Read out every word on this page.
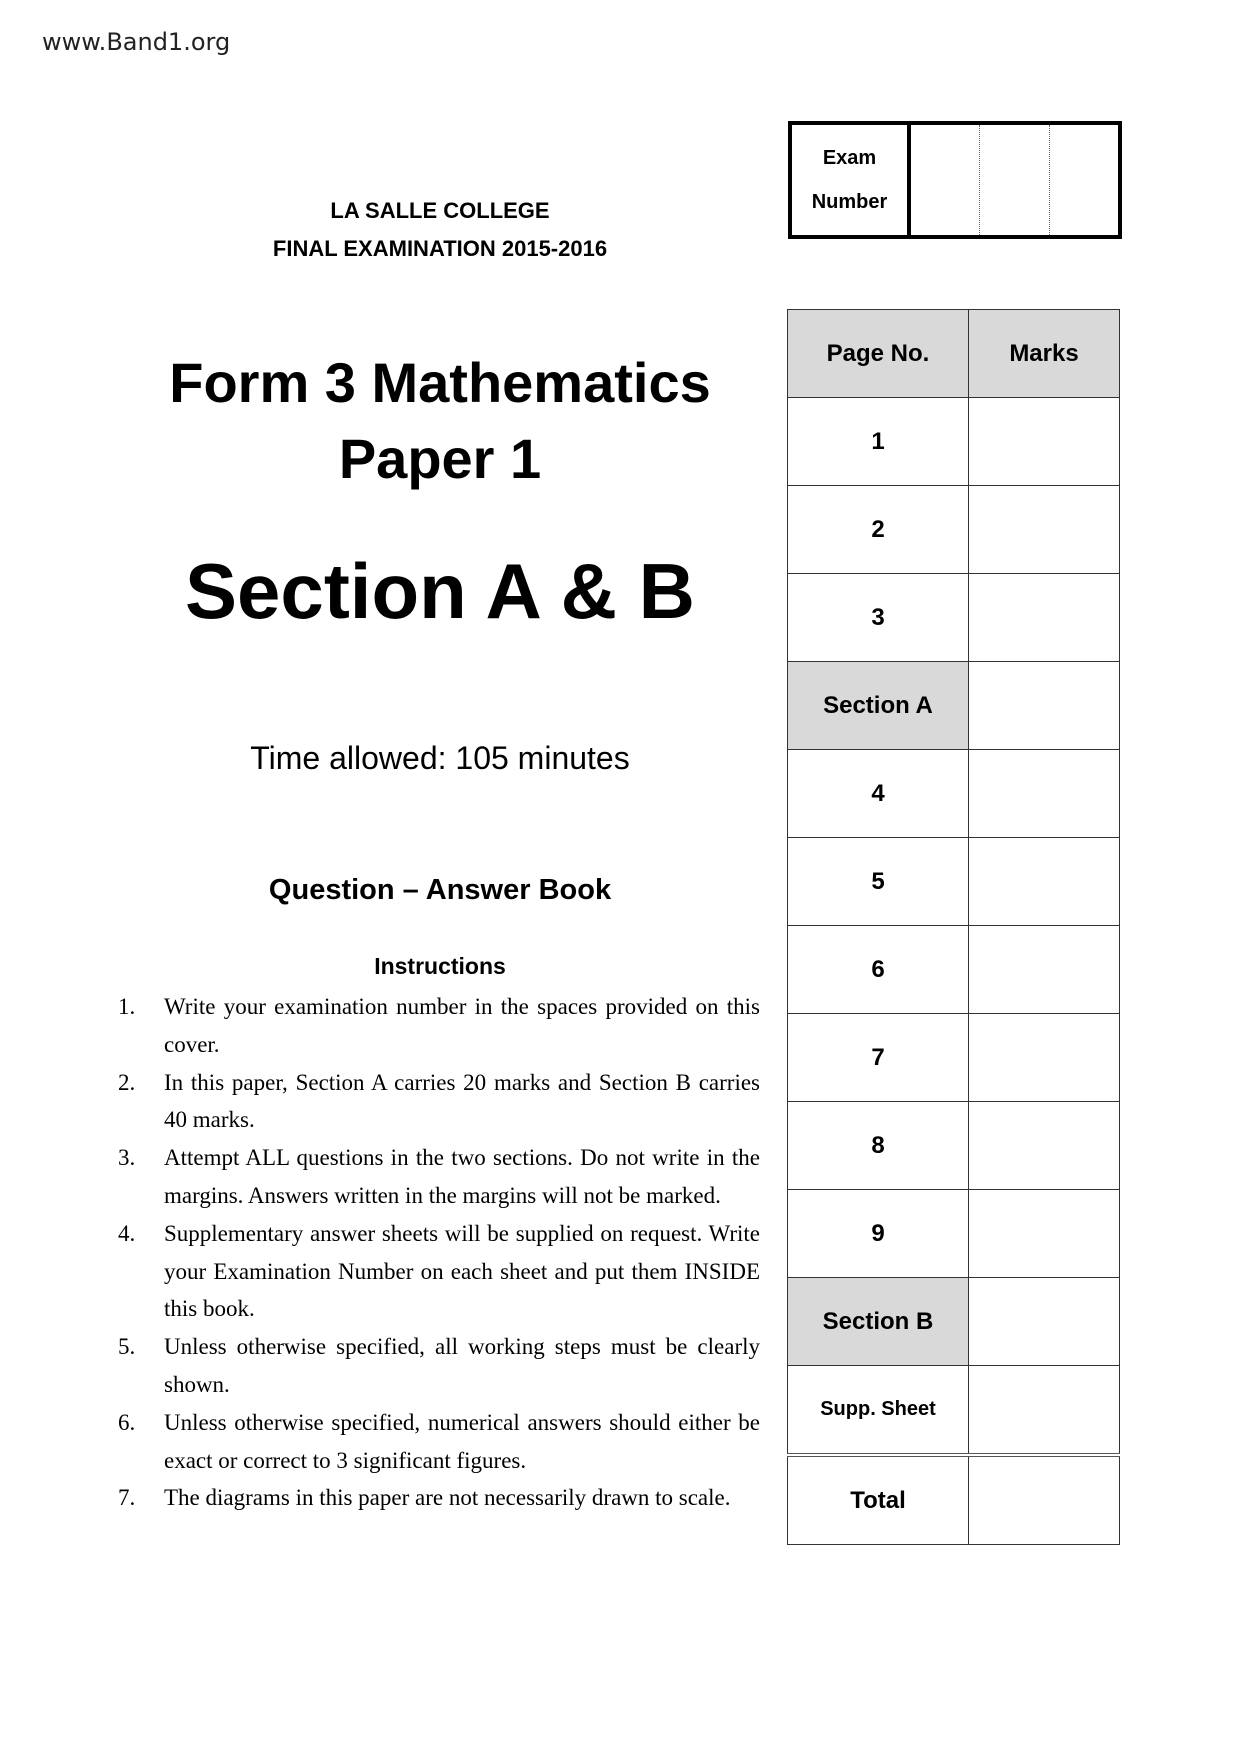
www.Band1.org
LA SALLE COLLEGE
FINAL EXAMINATION 2015-2016
Form 3 Mathematics
Paper 1
Section A & B
Time allowed: 105 minutes
Question – Answer Book
Instructions
1. Write your examination number in the spaces provided on this cover.
2. In this paper, Section A carries 20 marks and Section B carries 40 marks.
3. Attempt ALL questions in the two sections. Do not write in the margins. Answers written in the margins will not be marked.
4. Supplementary answer sheets will be supplied on request. Write your Examination Number on each sheet and put them INSIDE this book.
5. Unless otherwise specified, all working steps must be clearly shown.
6. Unless otherwise specified, numerical answers should either be exact or correct to 3 significant figures.
7. The diagrams in this paper are not necessarily drawn to scale.
Exam
Number
Page No.	Marks
1	
2	
3	
Section A	
4	
5	
6	
7	
8	
9	
Section B	
Supp. Sheet	
Total	
